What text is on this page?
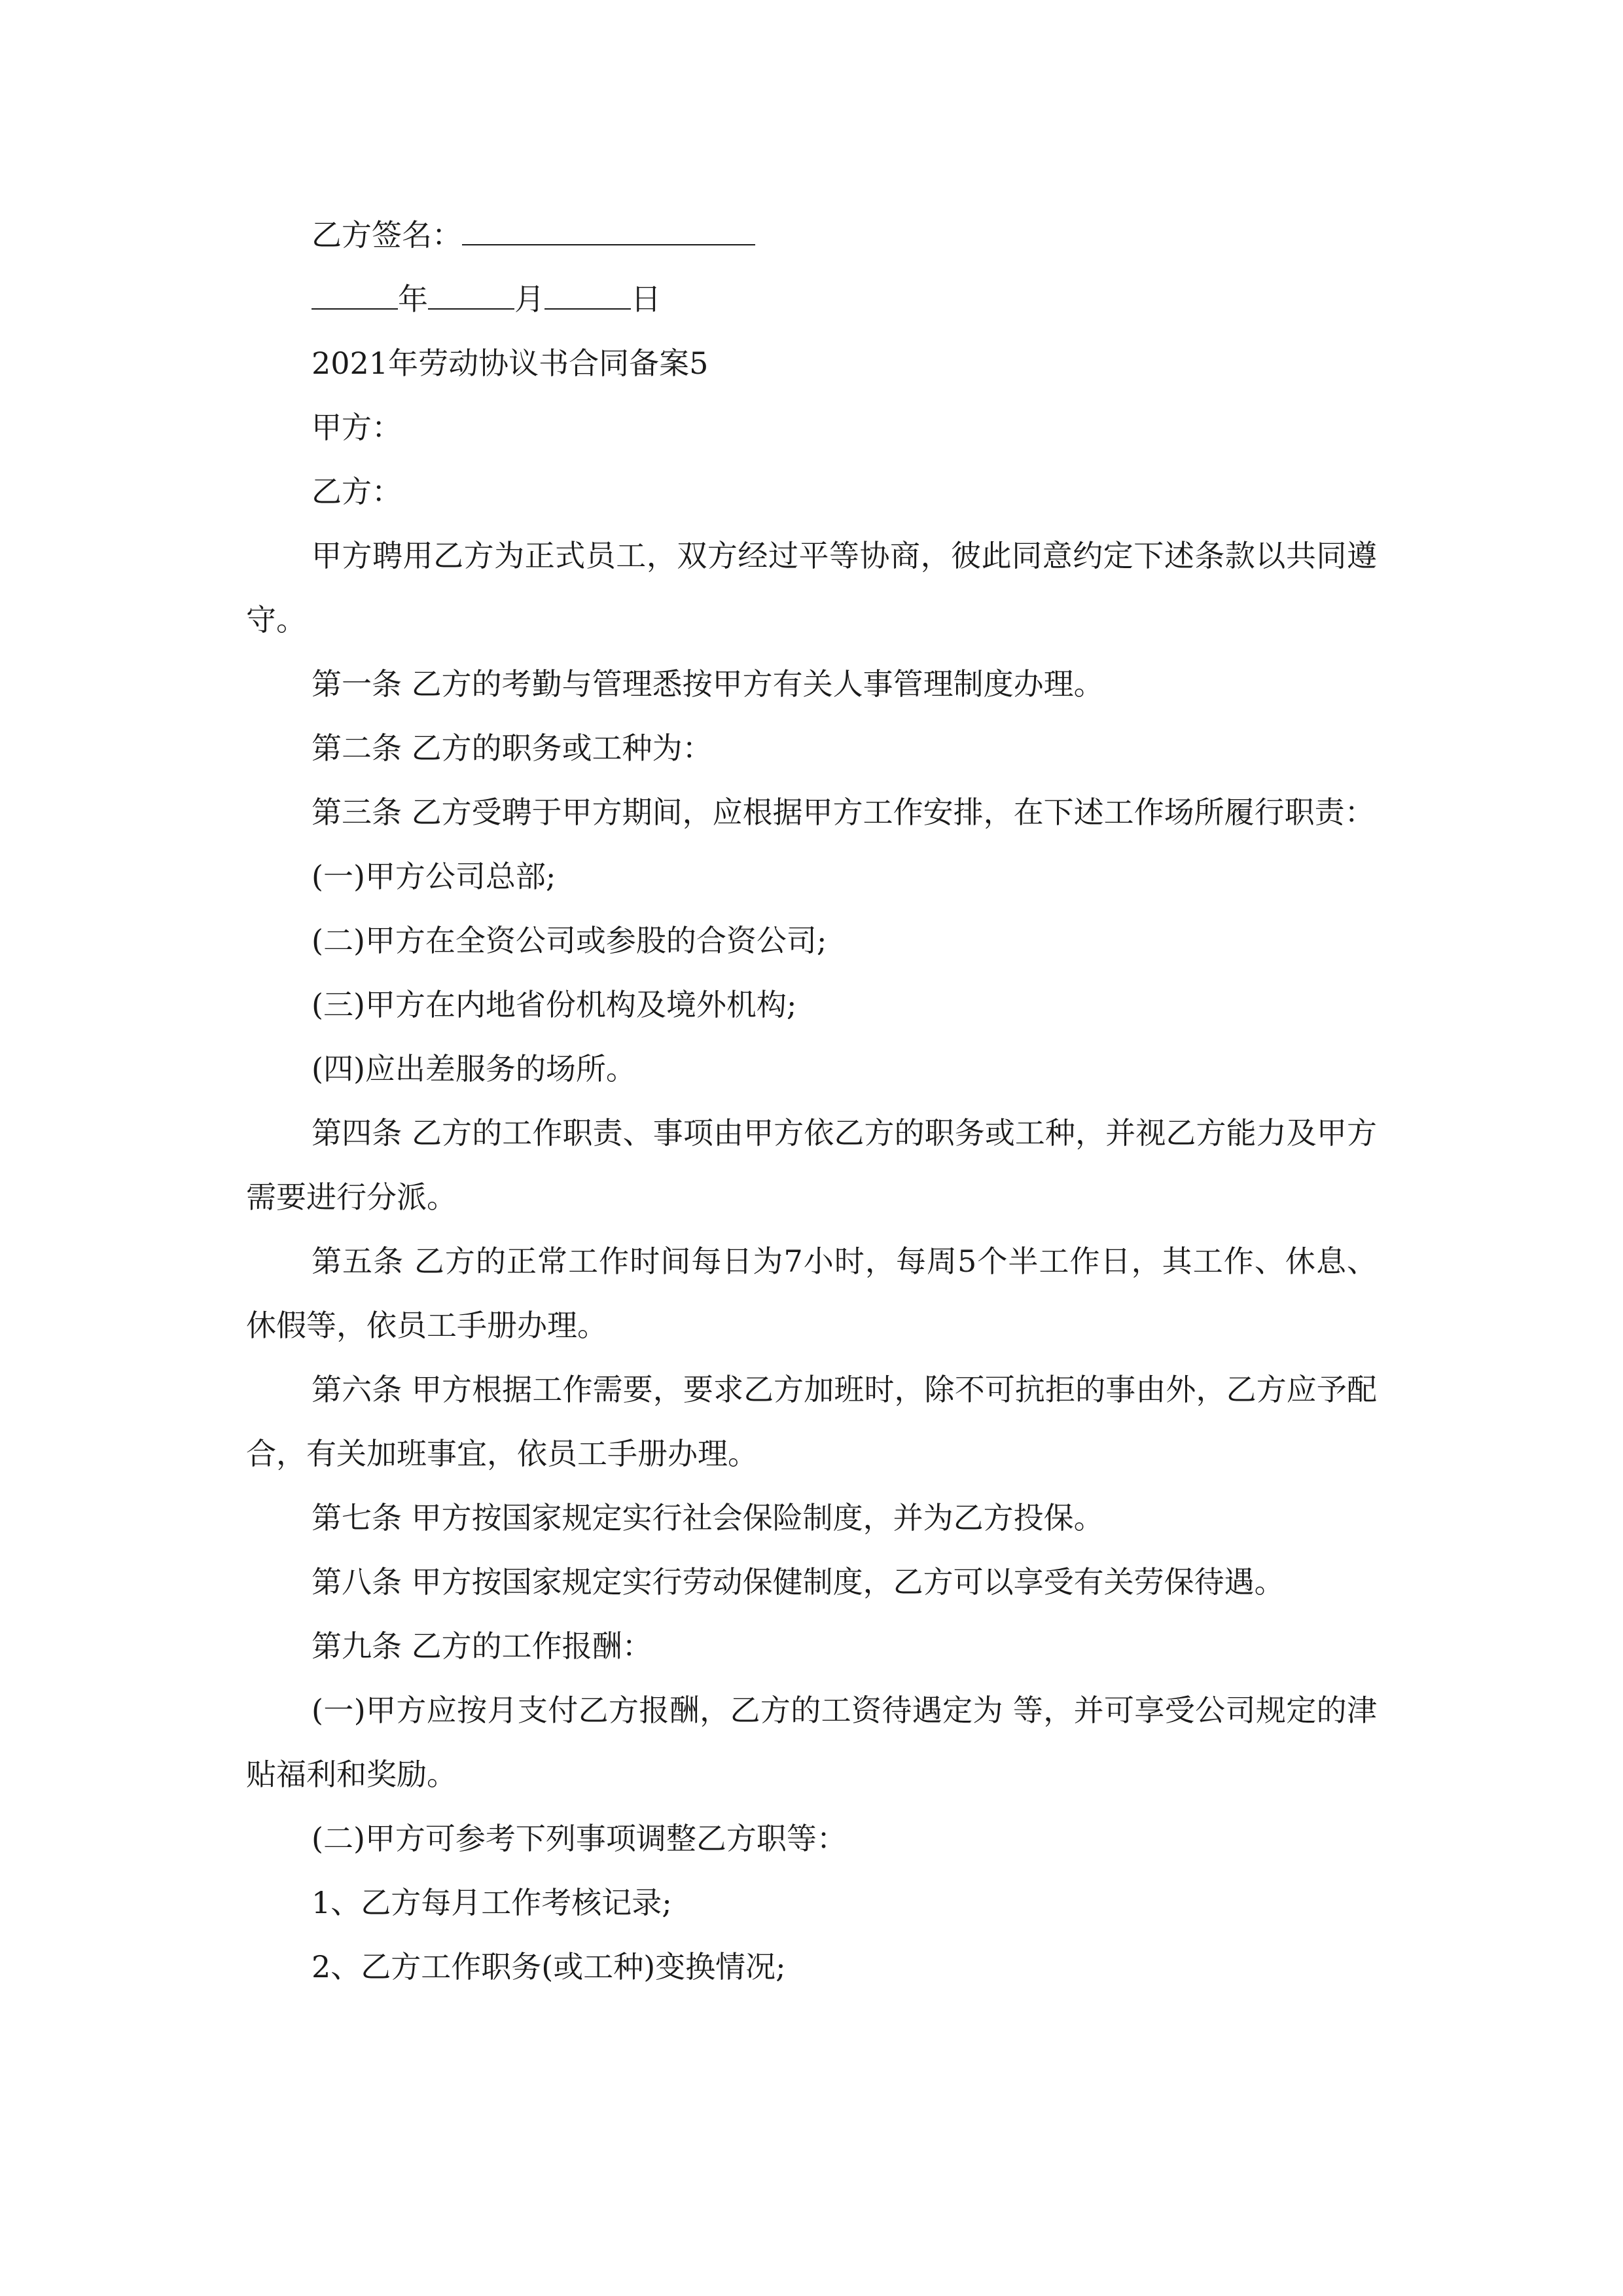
乙方签名：

年	月	日

2021年劳动协议书合同备案5

甲方：

乙方：

甲方聘用乙方为正式员工，双方经过平等协商，彼此同意约定下述条款以共同遵守。

第一条 乙方的考勤与管理悉按甲方有关人事管理制度办理。

第二条 乙方的职务或工种为：

第三条 乙方受聘于甲方期间，应根据甲方工作安排，在下述工作场所履行职责：

(一)甲方公司总部;

(二)甲方在全资公司或参股的合资公司;

(三)甲方在内地省份机构及境外机构;

(四)应出差服务的场所。

第四条 乙方的工作职责、事项由甲方依乙方的职务或工种，并视乙方能力及甲方需要进行分派。

第五条 乙方的正常工作时间每日为7小时，每周5个半工作日，其工作、休息、休假等，依员工手册办理。

第六条 甲方根据工作需要，要求乙方加班时，除不可抗拒的事由外，乙方应予配合，有关加班事宜，依员工手册办理。

第七条 甲方按国家规定实行社会保险制度，并为乙方投保。

第八条 甲方按国家规定实行劳动保健制度，乙方可以享受有关劳保待遇。

第九条 乙方的工作报酬：

(一)甲方应按月支付乙方报酬，乙方的工资待遇定为 等，并可享受公司规定的津贴福利和奖励。

(二)甲方可参考下列事项调整乙方职等：

1、乙方每月工作考核记录;

2、乙方工作职务(或工种)变换情况;
